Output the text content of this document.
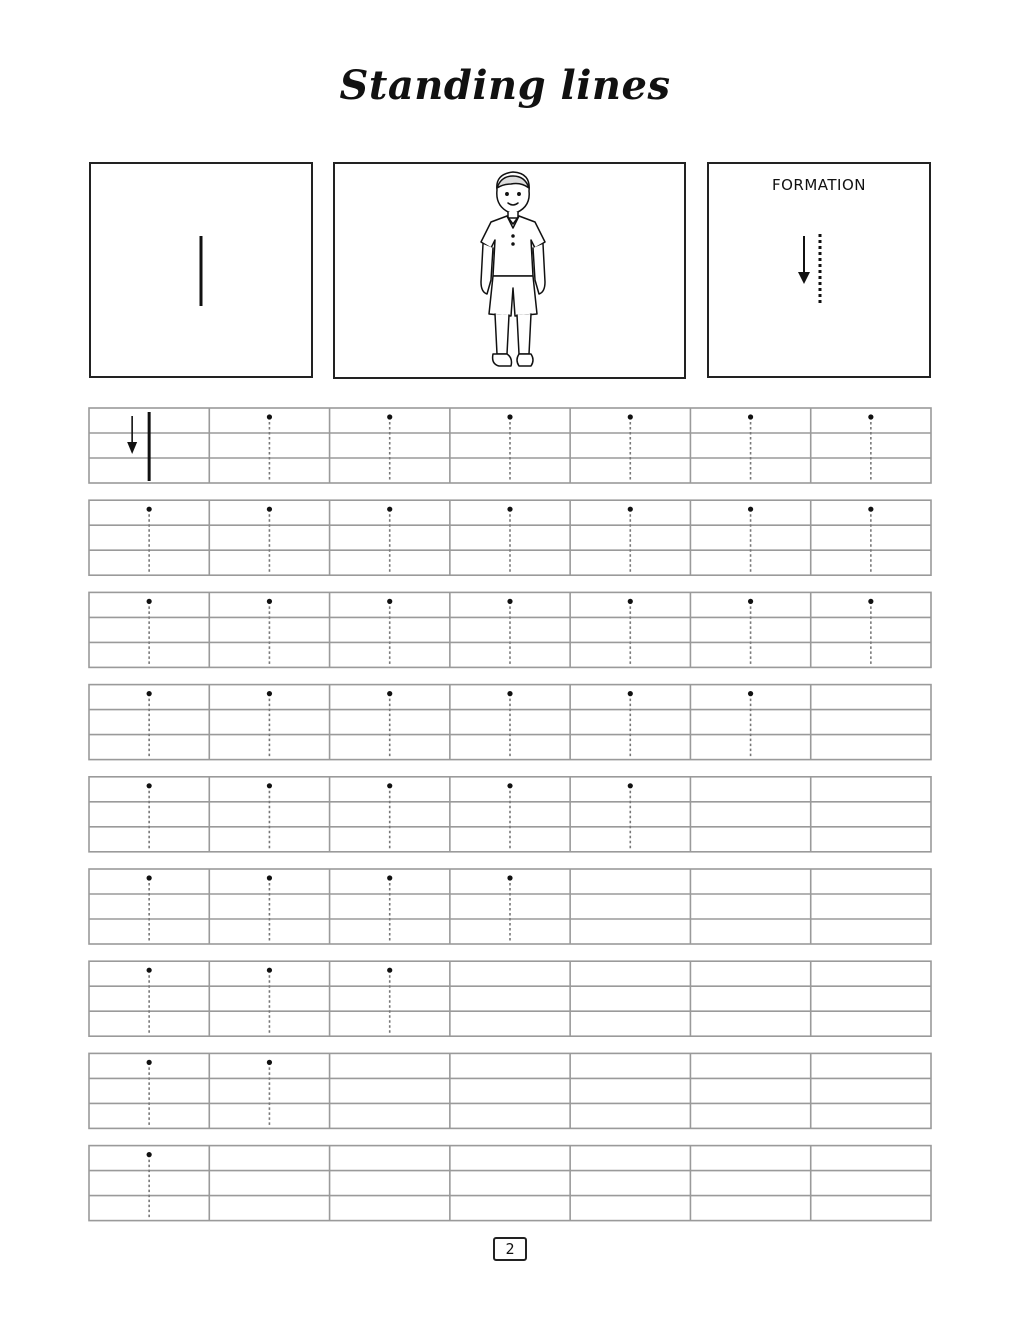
Standing lines
FORMATION
2
